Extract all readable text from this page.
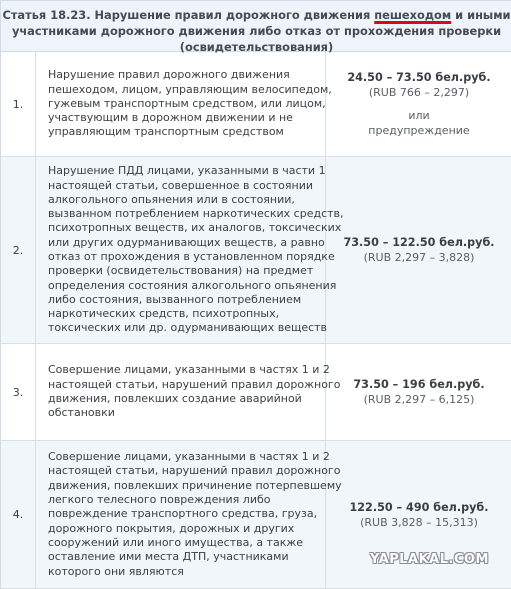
Статья 18.23. Нарушение правил дорожного движения пешеходом и иными
участниками дорожного движения либо отказ от прохождения проверки
(освидетельствования)
1.
Нарушение правил дорожного движения
пешеходом, лицом, управляющим велосипедом,
гужевым транспортным средством, или лицом,
участвующим в дорожном движении и не
управляющим транспортным средством
24.50 – 73.50 бел.руб.
(RUB 766 – 2,297)
или
предупреждение
2.
Нарушение ПДД лицами, указанными в части 1
настоящей статьи, совершенное в состоянии
алкогольного опьянения или в состоянии,
вызванном потреблением наркотических средств,
психотропных веществ, их аналогов, токсических
или других одурманивающих веществ, а равно
отказ от прохождения в установленном порядке
проверки (освидетельствования) на предмет
определения состояния алкогольного опьянения
либо состояния, вызванного потреблением
наркотических средств, психотропных,
токсических или др. одурманивающих веществ
73.50 – 122.50 бел.руб.
(RUB 2,297 – 3,828)
3.
Совершение лицами, указанными в частях 1 и 2
настоящей статьи, нарушений правил дорожного
движения, повлекших создание аварийной
обстановки
73.50 – 196 бел.руб.
(RUB 2,297 – 6,125)
4.
Совершение лицами, указанными в частях 1 и 2
настоящей статьи, нарушений правил дорожного
движения, повлекших причинение потерпевшему
легкого телесного повреждения либо
повреждение транспортного средства, груза,
дорожного покрытия, дорожных и других
сооружений или иного имущества, а также
оставление ими места ДТП, участниками
которого они являются
122.50 – 490 бел.руб.
(RUB 3,828 – 15,313)
YAPLAKAL.COM
